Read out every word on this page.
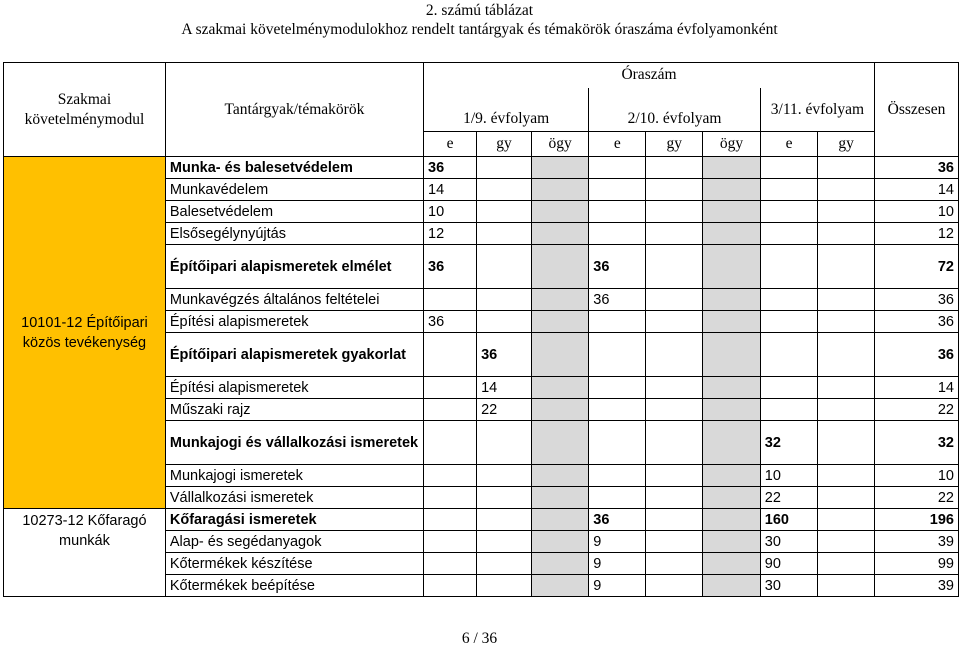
2. számú táblázat
A szakmai követelménymodulokhoz rendelt tantárgyak és témakörök óraszáma évfolyamonként
Szakmai követelménymodul	Tantárgyak/témakörök	Óraszám								Összesen
		1/9. évfolyam			2/10. évfolyam			3/11. évfolyam		
		e	gy	ögy	e	gy	ögy	e	gy	
10101-12 Építőipari közös tevékenység	Munka- és balesetvédelem	36								36
	Munkavédelem	14								14
	Balesetvédelem	10								10
	Elsősegélynyújtás	12								12
	Építőipari alapismeretek elmélet	36			36					72
	Munkavégzés általános feltételei				36					36
	Építési alapismeretek	36								36
	Építőipari alapismeretek gyakorlat		36							36
	Építési alapismeretek		14							14
	Műszaki rajz		22							22
	Munkajogi és vállalkozási ismeretek							32		32
	Munkajogi ismeretek							10		10
	Vállalkozási ismeretek							22		22
10273-12 Kőfaragó munkák	Kőfaragási ismeretek				36			160		196
	Alap- és segédanyagok				9			30		39
	Kőtermékek készítése				9			90		99
	Kőtermékek beépítése				9			30		39
6 / 36
